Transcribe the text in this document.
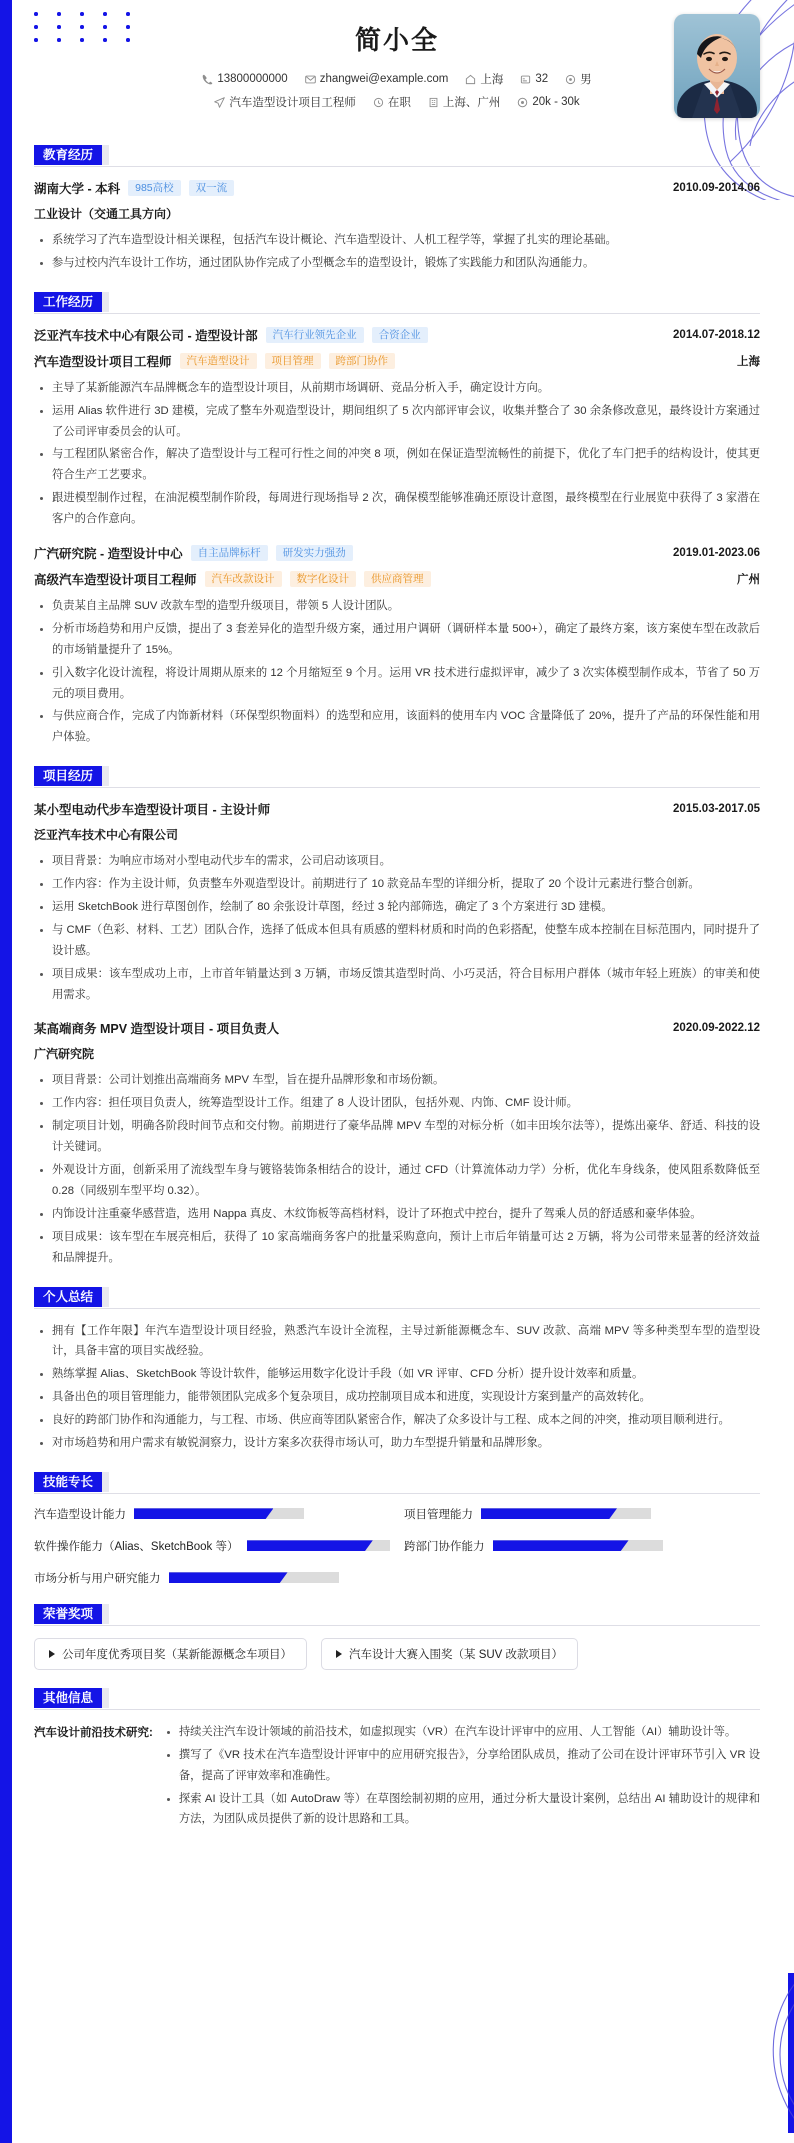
简小全
13800000000	zhangwei@example.com	上海	32	男
汽车造型设计项目工程师	在职	上海、广州	20k - 30k
教育经历
湖南大学 - 本科	985高校	双一流	2010.09-2014.06
工业设计（交通工具方向）
系统学习了汽车造型设计相关课程，包括汽车设计概论、汽车造型设计、人机工程学等，掌握了扎实的理论基础。
参与过校内汽车设计工作坊，通过团队协作完成了小型概念车的造型设计，锻炼了实践能力和团队沟通能力。
工作经历
泛亚汽车技术中心有限公司 - 造型设计部	汽车行业领先企业	合资企业	2014.07-2018.12
汽车造型设计项目工程师	汽车造型设计	项目管理	跨部门协作	上海
主导了某新能源汽车品牌概念车的造型设计项目，从前期市场调研、竞品分析入手，确定设计方向。
运用 Alias 软件进行 3D 建模，完成了整车外观造型设计，期间组织了 5 次内部评审会议，收集并整合了 30 余条修改意见，最终设计方案通过了公司评审委员会的认可。
与工程团队紧密合作，解决了造型设计与工程可行性之间的冲突 8 项，例如在保证造型流畅性的前提下，优化了车门把手的结构设计，使其更符合生产工艺要求。
跟进模型制作过程，在油泥模型制作阶段，每周进行现场指导 2 次，确保模型能够准确还原设计意图，最终模型在行业展览中获得了 3 家潜在客户的合作意向。
广汽研究院 - 造型设计中心	自主品牌标杆	研发实力强劲	2019.01-2023.06
高级汽车造型设计项目工程师	汽车改款设计	数字化设计	供应商管理	广州
负责某自主品牌 SUV 改款车型的造型升级项目，带领 5 人设计团队。
分析市场趋势和用户反馈，提出了 3 套差异化的造型升级方案，通过用户调研（调研样本量 500+），确定了最终方案，该方案使车型在改款后的市场销量提升了 15%。
引入数字化设计流程，将设计周期从原来的 12 个月缩短至 9 个月。运用 VR 技术进行虚拟评审，减少了 3 次实体模型制作成本，节省了 50 万元的项目费用。
与供应商合作，完成了内饰新材料（环保型织物面料）的选型和应用，该面料的使用车内 VOC 含量降低了 20%，提升了产品的环保性能和用户体验。
项目经历
某小型电动代步车造型设计项目 - 主设计师	2015.03-2017.05
泛亚汽车技术中心有限公司
项目背景：为响应市场对小型电动代步车的需求，公司启动该项目。
工作内容：作为主设计师，负责整车外观造型设计。前期进行了 10 款竞品车型的详细分析，提取了 20 个设计元素进行整合创新。
运用 SketchBook 进行草图创作，绘制了 80 余张设计草图，经过 3 轮内部筛选，确定了 3 个方案进行 3D 建模。
与 CMF（色彩、材料、工艺）团队合作，选择了低成本但具有质感的塑料材质和时尚的色彩搭配，使整车成本控制在目标范围内，同时提升了设计感。
项目成果：该车型成功上市，上市首年销量达到 3 万辆，市场反馈其造型时尚、小巧灵活，符合目标用户群体（城市年轻上班族）的审美和使用需求。
某高端商务 MPV 造型设计项目 - 项目负责人	2020.09-2022.12
广汽研究院
项目背景：公司计划推出高端商务 MPV 车型，旨在提升品牌形象和市场份额。
工作内容：担任项目负责人，统筹造型设计工作。组建了 8 人设计团队，包括外观、内饰、CMF 设计师。
制定项目计划，明确各阶段时间节点和交付物。前期进行了豪华品牌 MPV 车型的对标分析（如丰田埃尔法等），提炼出豪华、舒适、科技的设计关键词。
外观设计方面，创新采用了流线型车身与镀铬装饰条相结合的设计，通过 CFD（计算流体动力学）分析，优化车身线条，使风阻系数降低至 0.28（同级别车型平均 0.32）。
内饰设计注重豪华感营造，选用 Nappa 真皮、木纹饰板等高档材料，设计了环抱式中控台，提升了驾乘人员的舒适感和豪华体验。
项目成果：该车型在车展亮相后，获得了 10 家高端商务客户的批量采购意向，预计上市后年销量可达 2 万辆，将为公司带来显著的经济效益和品牌提升。
个人总结
拥有【工作年限】年汽车造型设计项目经验，熟悉汽车设计全流程，主导过新能源概念车、SUV 改款、高端 MPV 等多种类型车型的造型设计，具备丰富的项目实战经验。
熟练掌握 Alias、SketchBook 等设计软件，能够运用数字化设计手段（如 VR 评审、CFD 分析）提升设计效率和质量。
具备出色的项目管理能力，能带领团队完成多个复杂项目，成功控制项目成本和进度，实现设计方案到量产的高效转化。
良好的跨部门协作和沟通能力，与工程、市场、供应商等团队紧密合作，解决了众多设计与工程、成本之间的冲突，推动项目顺利进行。
对市场趋势和用户需求有敏锐洞察力，设计方案多次获得市场认可，助力车型提升销量和品牌形象。
技能专长
汽车造型设计能力	项目管理能力
软件操作能力（Alias、SketchBook 等）	跨部门协作能力
市场分析与用户研究能力
荣誉奖项
公司年度优秀项目奖（某新能源概念车项目）	汽车设计大赛入围奖（某 SUV 改款项目）
其他信息
汽车设计前沿技术研究:	持续关注汽车设计领域的前沿技术，如虚拟现实（VR）在汽车设计评审中的应用、人工智能（AI）辅助设计等。
撰写了《VR 技术在汽车造型设计评审中的应用研究报告》，分享给团队成员，推动了公司在设计评审环节引入 VR 设备，提高了评审效率和准确性。
探索 AI 设计工具（如 AutoDraw 等）在草图绘制初期的应用，通过分析大量设计案例，总结出 AI 辅助设计的规律和方法，为团队成员提供了新的设计思路和工具。
